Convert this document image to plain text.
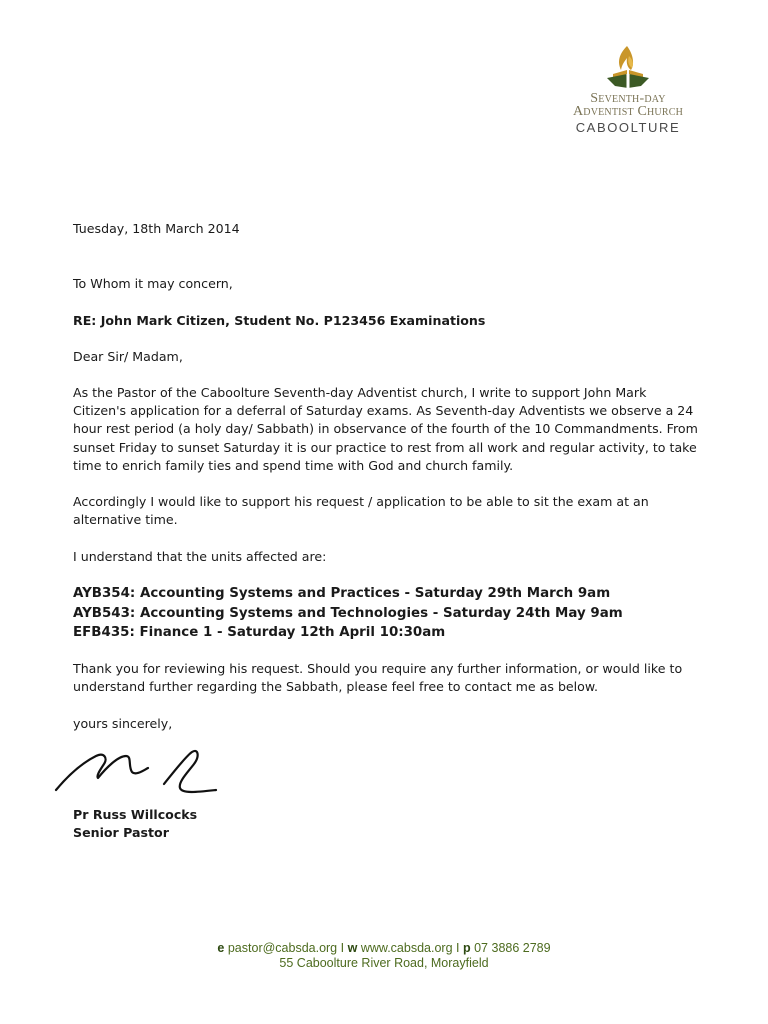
Seventh-day
Adventist Church
CABOOLTURE

Tuesday, 18th March 2014

To Whom it may concern,

RE: John Mark Citizen, Student No. P123456 Examinations

Dear Sir/ Madam,

As the Pastor of the Caboolture Seventh-day Adventist church, I write to support John Mark Citizen's application for a deferral of Saturday exams. As Seventh-day Adventists we observe a 24 hour rest period (a holy day/ Sabbath) in observance of the fourth of the 10 Commandments. From sunset Friday to sunset Saturday it is our practice to rest from all work and regular activity, to take time to enrich family ties and spend time with God and church family.

Accordingly I would like to support his request / application to be able to sit the exam at an alternative time.

I understand that the units affected are:

AYB354: Accounting Systems and Practices - Saturday 29th March 9am
AYB543: Accounting Systems and Technologies - Saturday 24th May 9am
EFB435: Finance 1 - Saturday 12th April 10:30am

Thank you for reviewing his request. Should you require any further information, or would like to understand further regarding the Sabbath, please feel free to contact me as below.

yours sincerely,

Pr Russ Willcocks

Senior Pastor

e pastor@cabsda.org I w www.cabsda.org I p 07 3886 2789
55 Caboolture River Road, Morayfield
